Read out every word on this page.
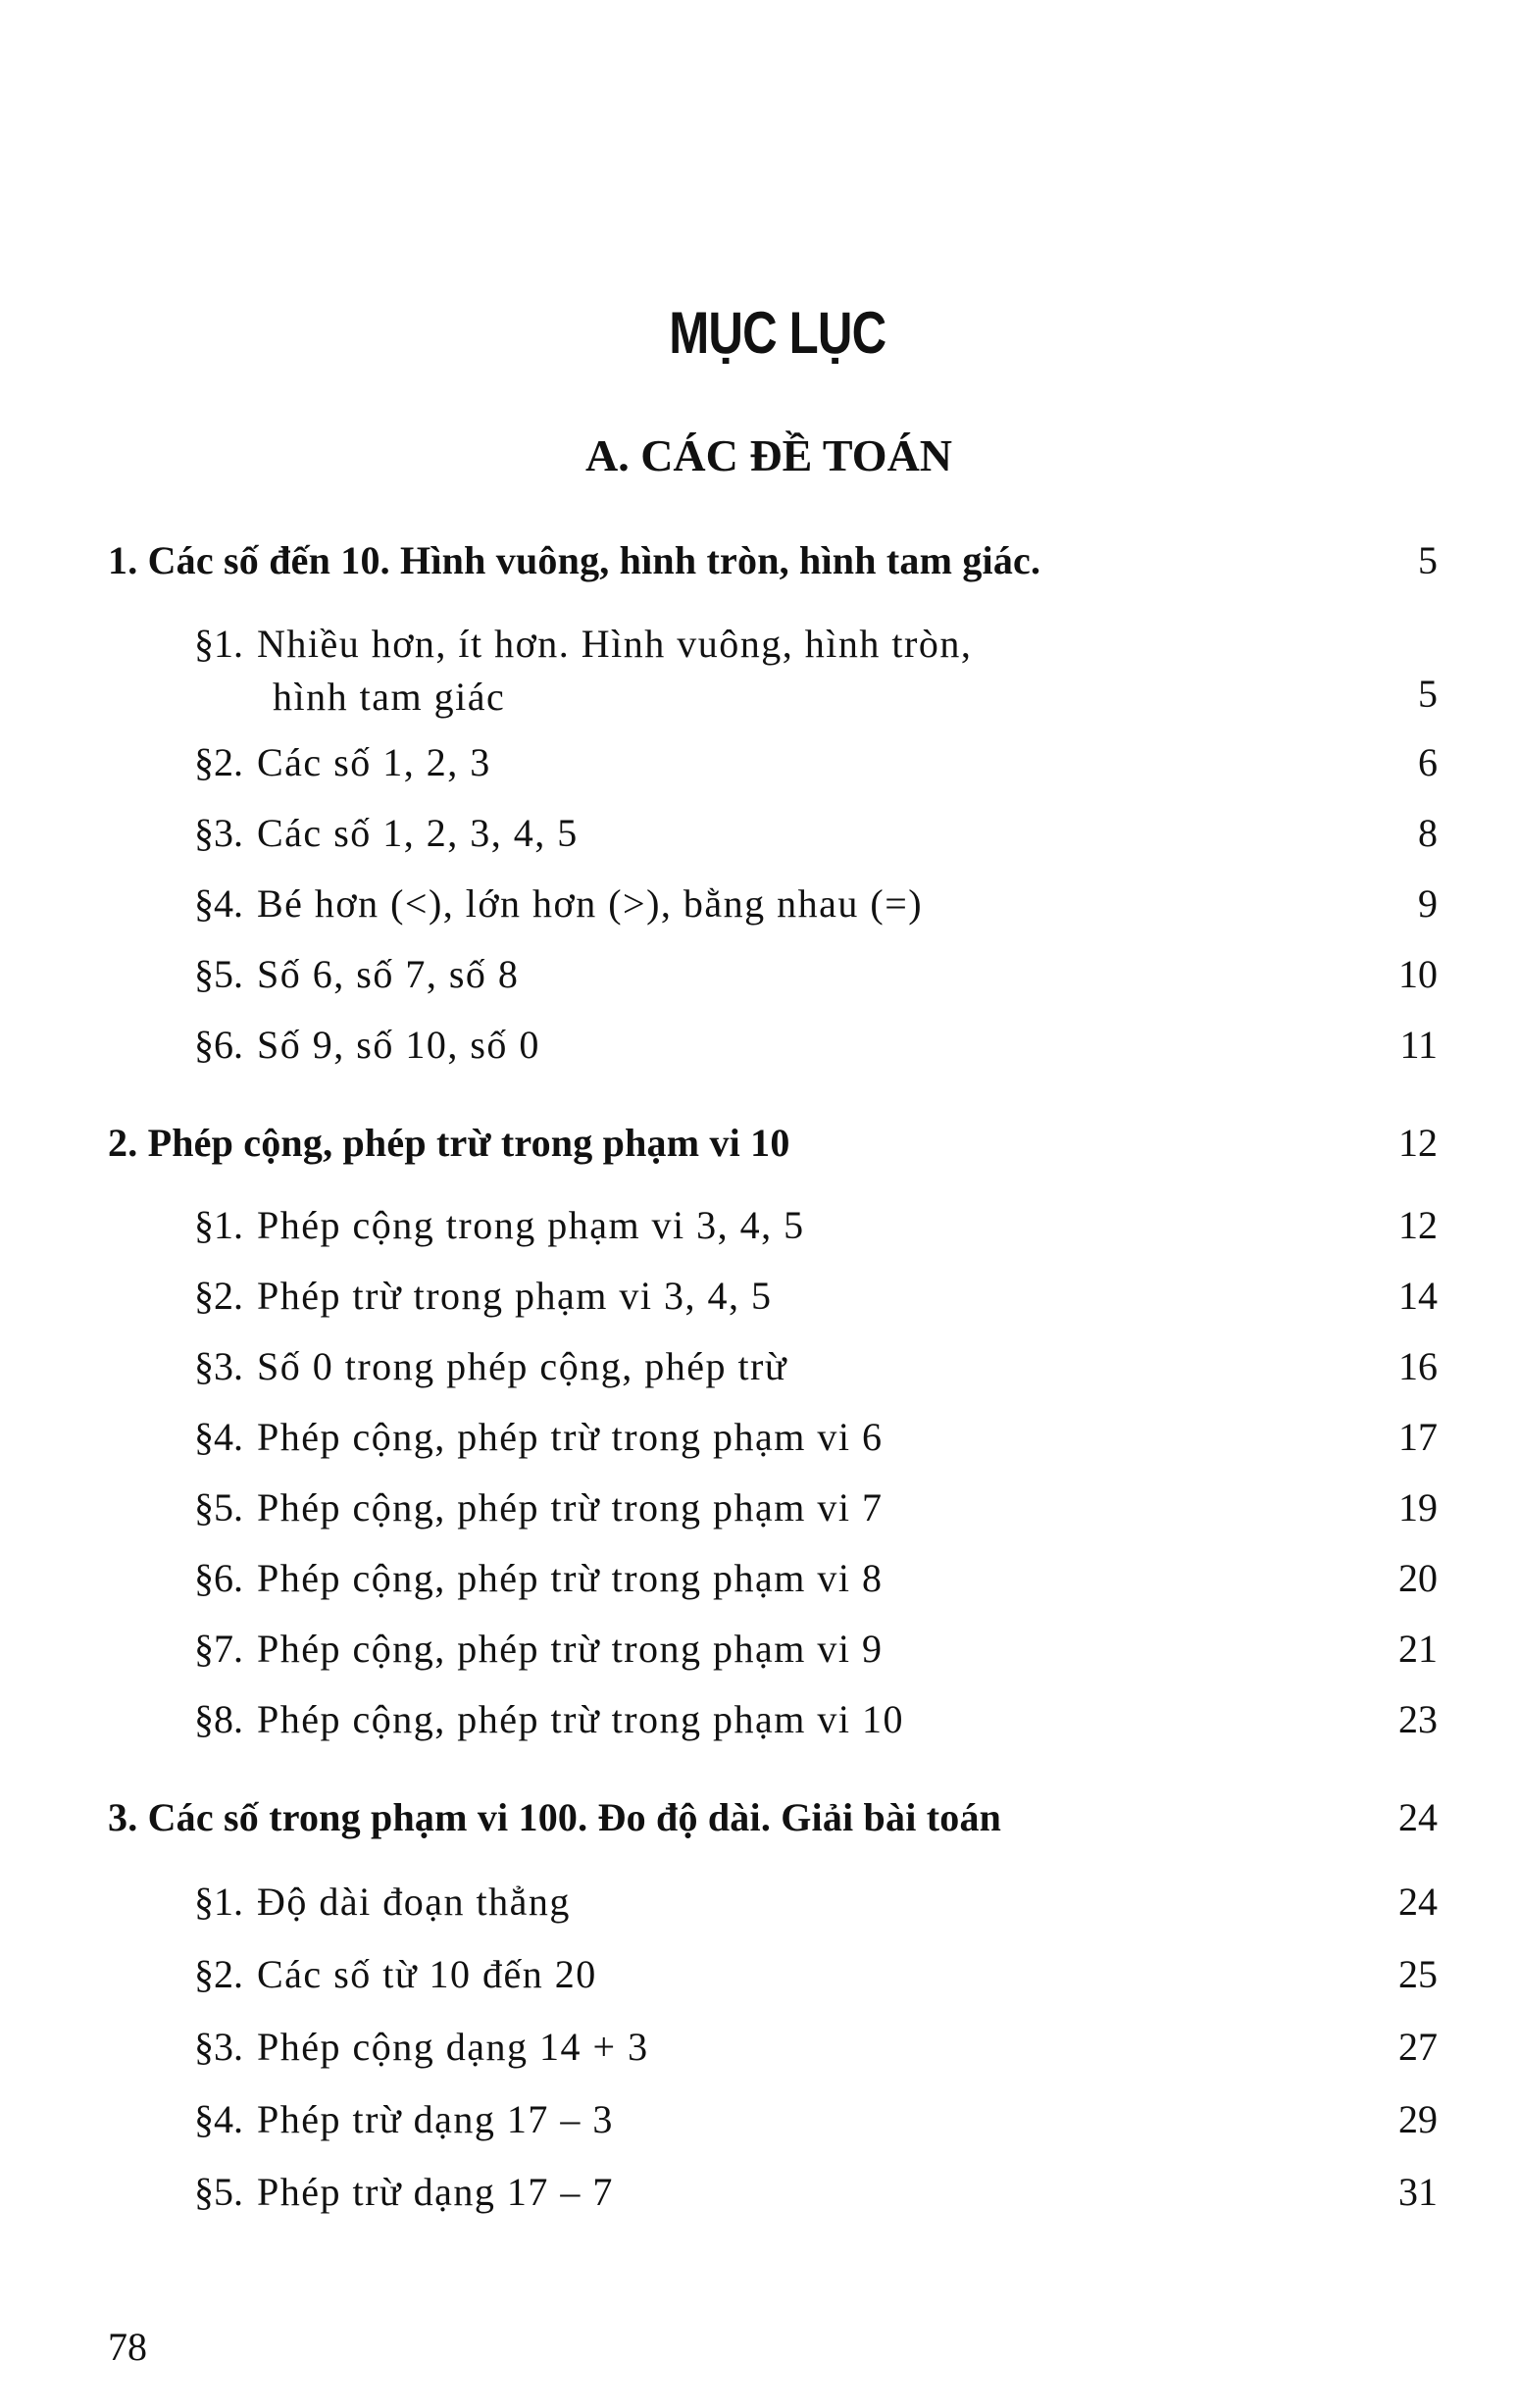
MỤC LỤC
A. CÁC ĐỀ TOÁN
1. Các số đến 10. Hình vuông, hình tròn, hình tam giác.	5
§1. Nhiều hơn, ít hơn. Hình vuông, hình tròn,
hình tam giác	5
§2. Các số 1, 2, 3	6
§3. Các số 1, 2, 3, 4, 5	8
§4. Bé hơn (<), lớn hơn (>), bằng nhau (=)	9
§5. Số 6, số 7, số 8	10
§6. Số 9, số 10, số 0	11
2. Phép cộng, phép trừ trong phạm vi 10	12
§1. Phép cộng trong phạm vi 3, 4, 5	12
§2. Phép trừ trong phạm vi 3, 4, 5	14
§3. Số 0 trong phép cộng, phép trừ	16
§4. Phép cộng, phép trừ trong phạm vi 6	17
§5. Phép cộng, phép trừ trong phạm vi 7	19
§6. Phép cộng, phép trừ trong phạm vi 8	20
§7. Phép cộng, phép trừ trong phạm vi 9	21
§8. Phép cộng, phép trừ trong phạm vi 10	23
3. Các số trong phạm vi 100. Đo độ dài. Giải bài toán	24
§1. Độ dài đoạn thẳng	24
§2. Các số từ 10 đến 20	25
§3. Phép cộng dạng 14 + 3	27
§4. Phép trừ dạng 17 – 3	29
§5. Phép trừ dạng 17 – 7	31
78
